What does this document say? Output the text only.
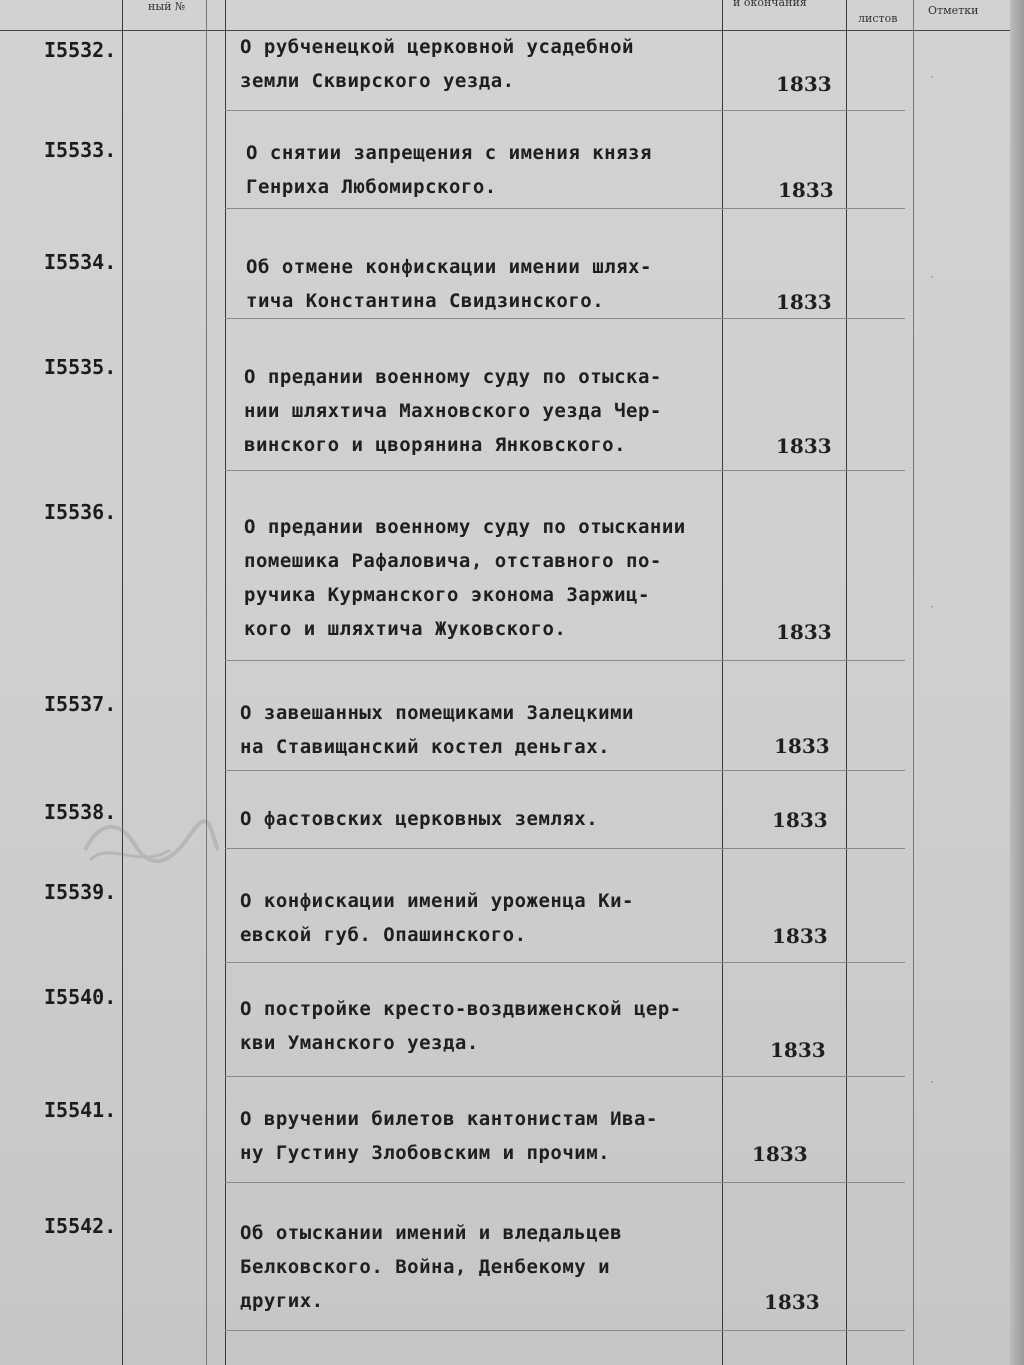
ный №	и окончания
листов
Отметки
·
·
·
·
I5532.	О рубченецкой церковной усадебной
земли Сквирского уезда.	1833
I5533.	О снятии запрещения с имения князя
Генриха Любомирского.	1833
I5534.	Об отмене конфискации имении шлях-
тича Константина Свидзинского.	1833
I5535.	О предании военному суду по отыска-
нии шляхтича Махновского уезда Чер-
винского и цворянина Янковского.	1833
I5536.
О предании военному суду по отыскании
помешика Рафаловича, отставного по-
ручика Курманского эконома Заржиц-
кого и шляхтича Жуковского.	1833
I5537.	О завешанных помещиками Залецкими
на Ставищанский костел деньгах.	1833
I5538.	О фастовских церковных землях.	1833
I5539.	О конфискации имений уроженца Ки-
евской губ. Опашинского.	1833
I5540.	О постройке кресто-воздвиженской цер-
кви Уманского уезда.	1833
I5541.	О вручении билетов кантонистам Ива-
ну Густину Злобовским и прочим.	1833
I5542.	Об отыскании имений и вледальцев
Белковского. Война, Денбекому и
других.	1833
